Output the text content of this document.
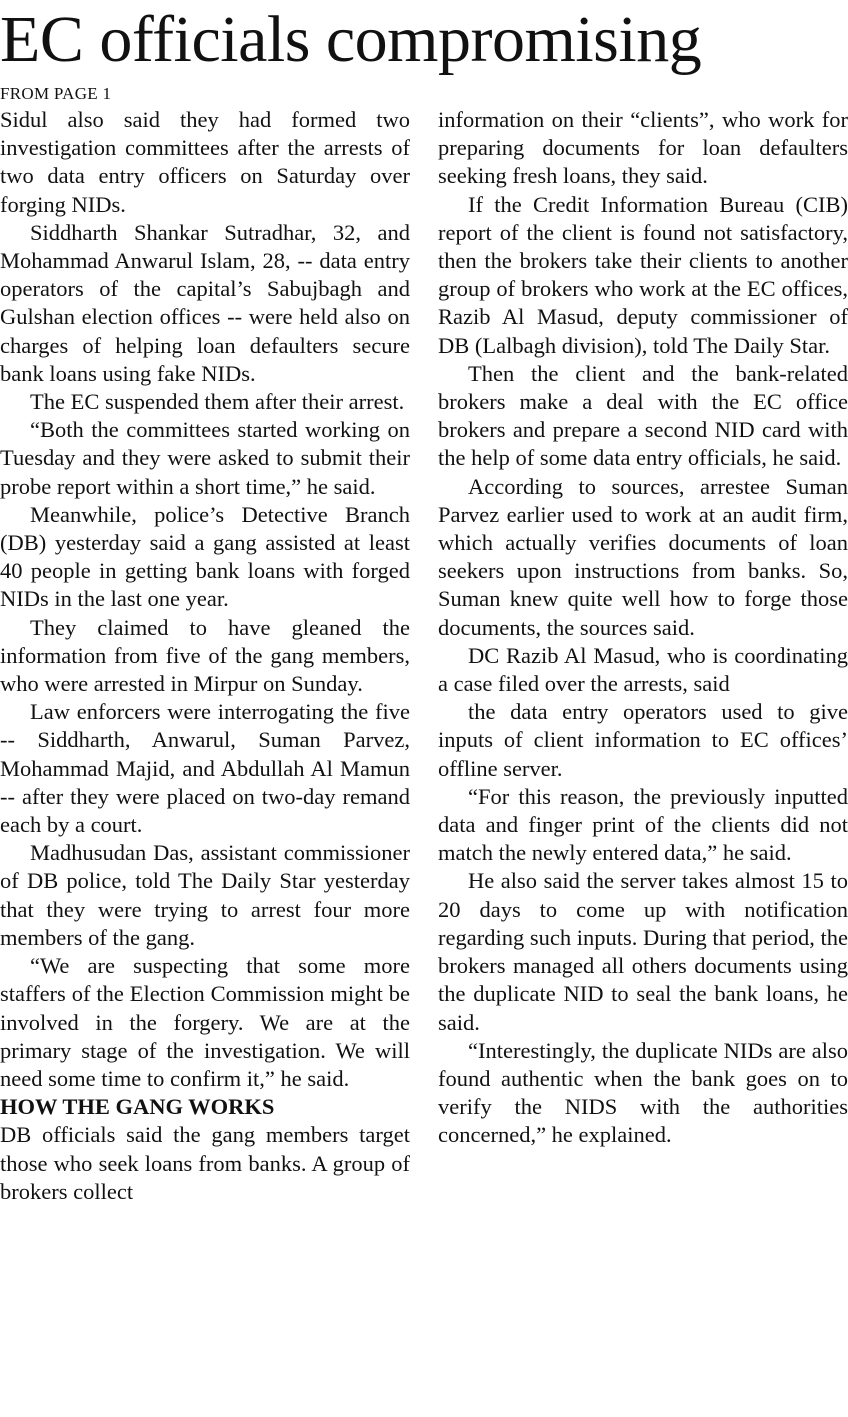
EC officials compromising
FROM PAGE 1

Sidul also said they had formed two investigation committees after the arrests of two data entry officers on Saturday over forging NIDs.

Siddharth Shankar Sutradhar, 32, and Mohammad Anwarul Islam, 28, -- data entry operators of the capital’s Sabujbagh and Gulshan election offices -- were held also on charges of helping loan defaulters secure bank loans using fake NIDs.

The EC suspended them after their arrest.

“Both the committees started working on Tuesday and they were asked to submit their probe report within a short time,” he said.

Meanwhile, police’s Detective Branch (DB) yesterday said a gang assisted at least 40 people in getting bank loans with forged NIDs in the last one year.

They claimed to have gleaned the information from five of the gang members, who were arrested in Mirpur on Sunday.

Law enforcers were interrogating the five -- Siddharth, Anwarul, Suman Parvez, Mohammad Majid, and Abdullah Al Mamun -- after they were placed on two-day remand each by a court.

Madhusudan Das, assistant commissioner of DB police, told The Daily Star yesterday that they were trying to arrest four more members of the gang.

“We are suspecting that some more staffers of the Election Commission might be involved in the forgery. We are at the primary stage of the investigation. We will need some time to confirm it,” he said.

HOW THE GANG WORKS

DB officials said the gang members target those who seek loans from banks. A group of brokers collect

information on their “clients”, who work for preparing documents for loan defaulters seeking fresh loans, they said.

If the Credit Information Bureau (CIB) report of the client is found not satisfactory, then the brokers take their clients to another group of brokers who work at the EC offices, Razib Al Masud, deputy commissioner of DB (Lalbagh division), told The Daily Star.

Then the client and the bank-related brokers make a deal with the EC office brokers and prepare a second NID card with the help of some data entry officials, he said.

According to sources, arrestee Suman Parvez earlier used to work at an audit firm, which actually verifies documents of loan seekers upon instructions from banks. So, Suman knew quite well how to forge those documents, the sources said.

DC Razib Al Masud, who is coordinating a case filed over the arrests, said

the data entry operators used to give inputs of client information to EC offices’ offline server.

“For this reason, the previously inputted data and finger print of the clients did not match the newly entered data,” he said.

He also said the server takes almost 15 to 20 days to come up with notification regarding such inputs. During that period, the brokers managed all others documents using the duplicate NID to seal the bank loans, he said.

“Interestingly, the duplicate NIDs are also found authentic when the bank goes on to verify the NIDS with the authorities concerned,” he explained.
